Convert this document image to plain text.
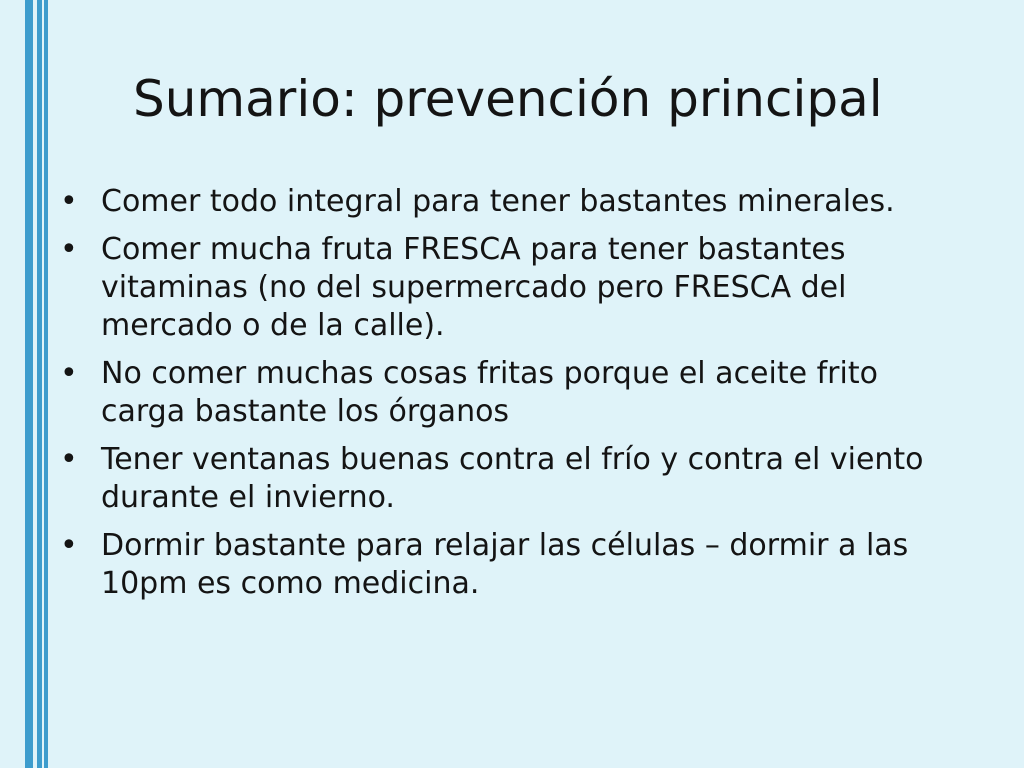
Sumario: prevención principal
• Comer todo integral para tener bastantes minerales.
• Comer mucha fruta FRESCA para tener bastantes vitaminas (no del supermercado pero FRESCA del mercado o de la calle).
• No comer muchas cosas fritas porque el aceite frito carga bastante los órganos
• Tener ventanas buenas contra el frío y contra el viento durante el invierno.
• Dormir bastante para relajar las células – dormir a las 10pm es como medicina.
